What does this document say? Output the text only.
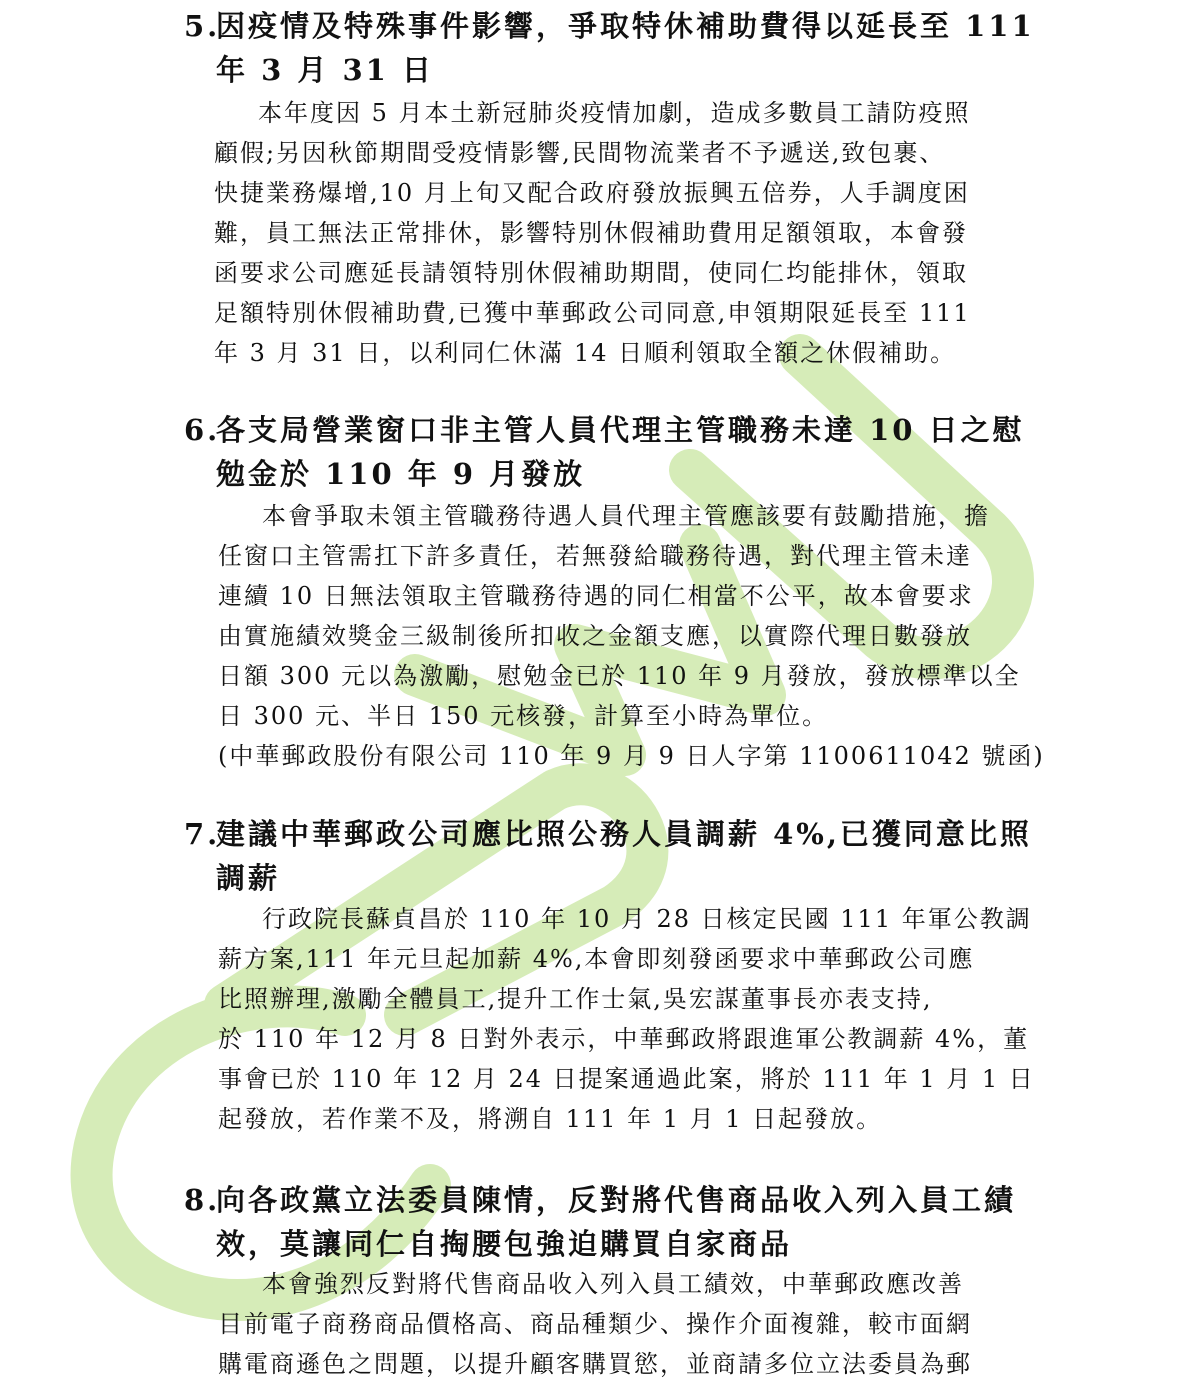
5.
因疫情及特殊事件影響，爭取特休補助費得以延長至 111
年 3 月 31 日
本年度因 5 月本土新冠肺炎疫情加劇，造成多數員工請防疫照
顧假;另因秋節期間受疫情影響,民間物流業者不予遞送,致包裹、
快捷業務爆增,10 月上旬又配合政府發放振興五倍券，人手調度困
難，員工無法正常排休，影響特別休假補助費用足額領取，本會發
函要求公司應延長請領特別休假補助期間，使同仁均能排休，領取
足額特別休假補助費,已獲中華郵政公司同意,申領期限延長至 111
年 3 月 31 日，以利同仁休滿 14 日順利領取全額之休假補助。
6.
各支局營業窗口非主管人員代理主管職務未達 10 日之慰
勉金於 110 年 9 月發放
本會爭取未領主管職務待遇人員代理主管應該要有鼓勵措施，擔
任窗口主管需扛下許多責任，若無發給職務待遇，對代理主管未達
連續 10 日無法領取主管職務待遇的同仁相當不公平，故本會要求
由實施績效獎金三級制後所扣收之金額支應，以實際代理日數發放
日額 300 元以為激勵，慰勉金已於 110 年 9 月發放，發放標準以全
日 300 元、半日 150 元核發，計算至小時為單位。
(中華郵政股份有限公司 110 年 9 月 9 日人字第 1100611042 號函)
7.
建議中華郵政公司應比照公務人員調薪 4%,已獲同意比照
調薪
行政院長蘇貞昌於 110 年 10 月 28 日核定民國 111 年軍公教調
薪方案,111 年元旦起加薪 4%,本會即刻發函要求中華郵政公司應
比照辦理,激勵全體員工,提升工作士氣,吳宏謀董事長亦表支持,
於 110 年 12 月 8 日對外表示，中華郵政將跟進軍公教調薪 4%，董
事會已於 110 年 12 月 24 日提案通過此案，將於 111 年 1 月 1 日
起發放，若作業不及，將溯自 111 年 1 月 1 日起發放。
8.
向各政黨立法委員陳情，反對將代售商品收入列入員工績
效，莫讓同仁自掏腰包強迫購買自家商品
本會強烈反對將代售商品收入列入員工績效，中華郵政應改善
目前電子商務商品價格高、商品種類少、操作介面複雜，較市面網
購電商遜色之問題，以提升顧客購買慾，並商請多位立法委員為郵
